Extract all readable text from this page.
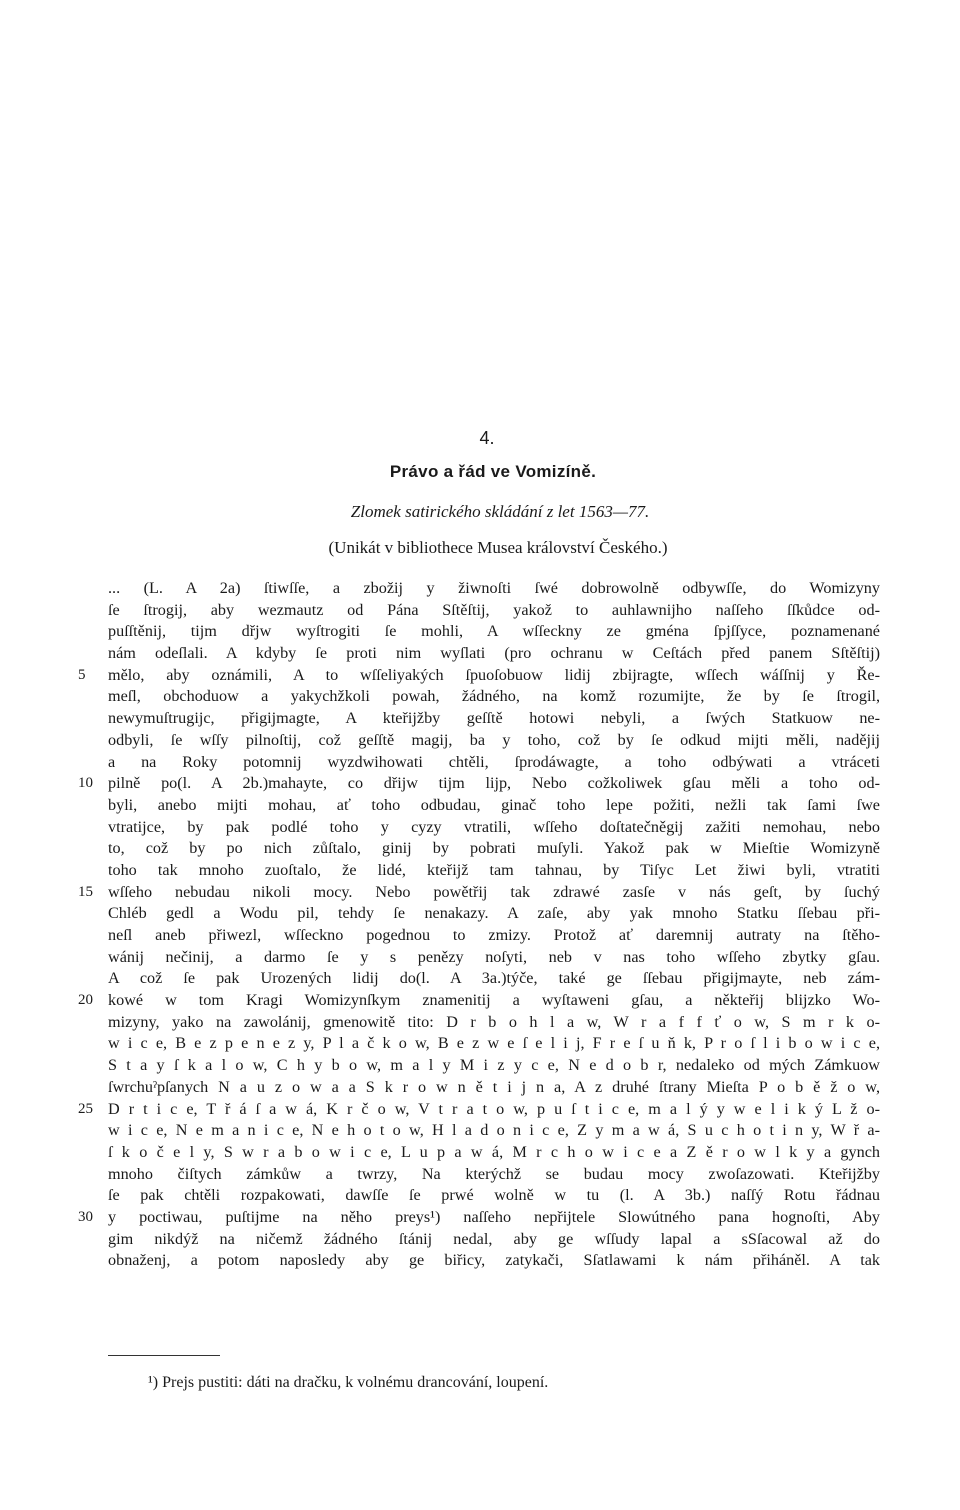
4.
Právo a řád ve Vomizíně.
Zlomek satirického skládání z let 1563—77.
(Unikát v bibliothece Musea království Českého.)
... (L. A 2a) ſtiwſſe, a zbožij y žiwnoſti ſwé dobrowolně odbywſſe, do Womizyny
ſe ſtrogij, aby wezmautz od Pána Sſtěſtij, yakož to auhlawnijho naſſeho ſſkůdce od-
puſſtěnij, tijm dřjw wyſtrogiti ſe mohli, A wſſeckny ze gména ſpjſſyce, poznamenané
nám odeſlali. A kdyby ſe proti nim wyſlati (pro ochranu w Ceſtách před panem Sſtěſtij)
5	mělo, aby oznámili, A to wſſeliyakých ſpuoſobuow lidij zbijragte, wſſech wáſſnij y Ře-
meſl, obchoduow a yakychžkoli powah, žádného, na komž rozumijte, že by ſe ſtrogil,
newymuſtrugijc, přigijmagte, A kteřijžby geſſtě hotowi nebyli, a ſwých Statkuow ne-
odbyli, ſe wſſy pilnoſtij, což geſſtě magij, ba y toho, což by ſe odkud mijti měli, nadějij
a na Roky potomnij wyzdwihowati chtěli, ſprodáwagte, a toho odbýwati a vtráceti
10 pilně po(l. A 2b.)mahayte, co dřijw tijm lijp, Nebo cožkoliwek gſau měli a toho od-
byli, anebo mijti mohau, ať toho odbudau, ginač toho lepe požiti, nežli tak ſami ſwe
vtratijce, by pak podlé toho y cyzy vtratili, wſſeho doſtatečněgij zažiti nemohau, nebo
to, což by po nich zůſtalo, ginij by pobrati muſyli. Yakož pak w Mieſtie Womizyně
toho tak mnoho zuoſtalo, že lidé, kteřijž tam tahnau, by Tiſyc Let žiwi byli, vtratiti
15 wſſeho nebudau nikoli mocy. Nebo powětřij tak zdrawé zasſe v nás geſt, by ſuchý
Chléb gedl a Wodu pil, tehdy ſe nenakazy. A zaſe, aby yak mnoho Statku ſſebau při-
neſl aneb přiwezl, wſſeckno pogednou to zmizy. Protož ať daremnij autraty na ſtěho-
wánij nečinij, a darmo ſe y s penězy noſyti, neb v nas toho wſſeho zbytky gſau.
A což ſe pak Urozených lidij do(l. A 3a.)týče, také ge ſſebau přigijmayte, neb zám-
20 kowé w tom Kragi Womizynſkym znamenitij a wyſtaweni gſau, a někteřij blijzko Wo-
mizyny, yako na zawolánij, gmenowitě tito: D r b o h l a w, W r a f f ť o w, S m r k o-
w i c e, B e z p e n e z y, P l a č k o w, B e z w e ſ e l i j, F r e ſ u ň k, P r o ſ l i b o w i c e,
S t a y ſ k a l o w, C h y b o w, m a l y M i z y c e, N e d o b r, nedaleko od mých Zámkuow
ſwrchuˀpſanych N a u z o w a a S k r o w n ě t i j n a, A z druhé ſtrany Mieſta P o b ě ž o w,
25 D r t i c e, T ř á ſ a w á, K r č o w, V t r a t o w, p u ſ t i c e, m a l ý y w e l i k ý L ž o-
w i c e, N e m a n i c e, N e h o t o w, H l a d o n i c e, Z y m a w á, S u c h o t i n y, W ř a-
ſ k o č e l y, S w r a b o w i c e, L u p a w á, M r c h o w i c e a Z ě r o w l k y a gynch
mnoho čiſtych zámkůw a twrzy, Na kterýchž se budau mocy zwoſazowati. Kteřijžby
ſe pak chtěli rozpakowati, dawſſe ſe prwé wolně w tu (l. A 3b.) naſſý Rotu řádnau
30 y poctiwau, puſtijme na něho preys¹) naſſeho nepřijtele Slowútného pana hognoſti, Aby
gim nikdýž na ničemž žádného ſtánij nedal, aby ge wſſudy lapal a sSſacowal až do
obnaženj, a potom naposledy aby ge biřicy, zatykači, Sſatlawami k nám přiháněl. A tak
¹) Prejs pustiti: dáti na dračku, k volnému drancování, loupení.
